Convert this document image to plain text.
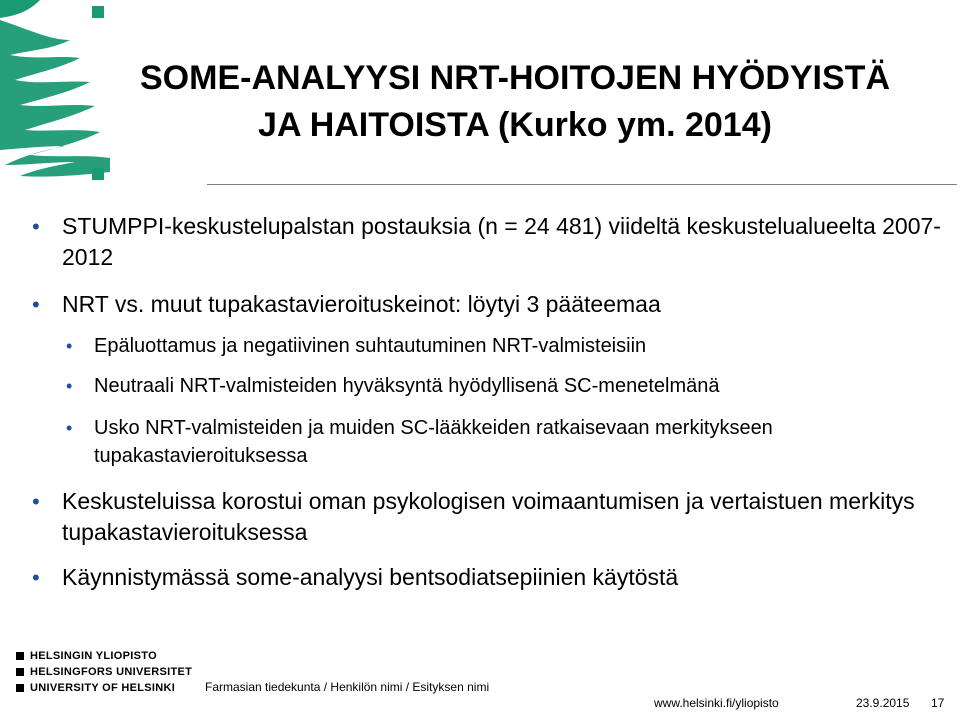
SOME-ANALYYSI NRT-HOITOJEN HYÖDYISTÄ
JA HAITOISTA (Kurko ym. 2014)
• STUMPPI-keskustelupalstan postauksia (n = 24 481) viideltä keskustelualueelta 2007-2012
• NRT vs. muut tupakastavieroituskeinot: löytyi 3 pääteemaa
• Epäluottamus ja negatiivinen suhtautuminen NRT-valmisteisiin
• Neutraali NRT-valmisteiden hyväksyntä hyödyllisenä SC-menetelmänä
• Usko NRT-valmisteiden ja muiden SC-lääkkeiden ratkaisevaan merkitykseen tupakastavieroituksessa
• Keskusteluissa korostui oman psykologisen voimaantumisen ja vertaistuen merkitys tupakastavieroituksessa
• Käynnistymässä some-analyysi bentsodiatsepiinien käytöstä
HELSINGIN YLIOPISTO
HELSINGFORS UNIVERSITET
UNIVERSITY OF HELSINKI Farmasian tiedekunta / Henkilön nimi / Esityksen nimi
www.helsinki.fi/yliopisto	23.9.2015 17
